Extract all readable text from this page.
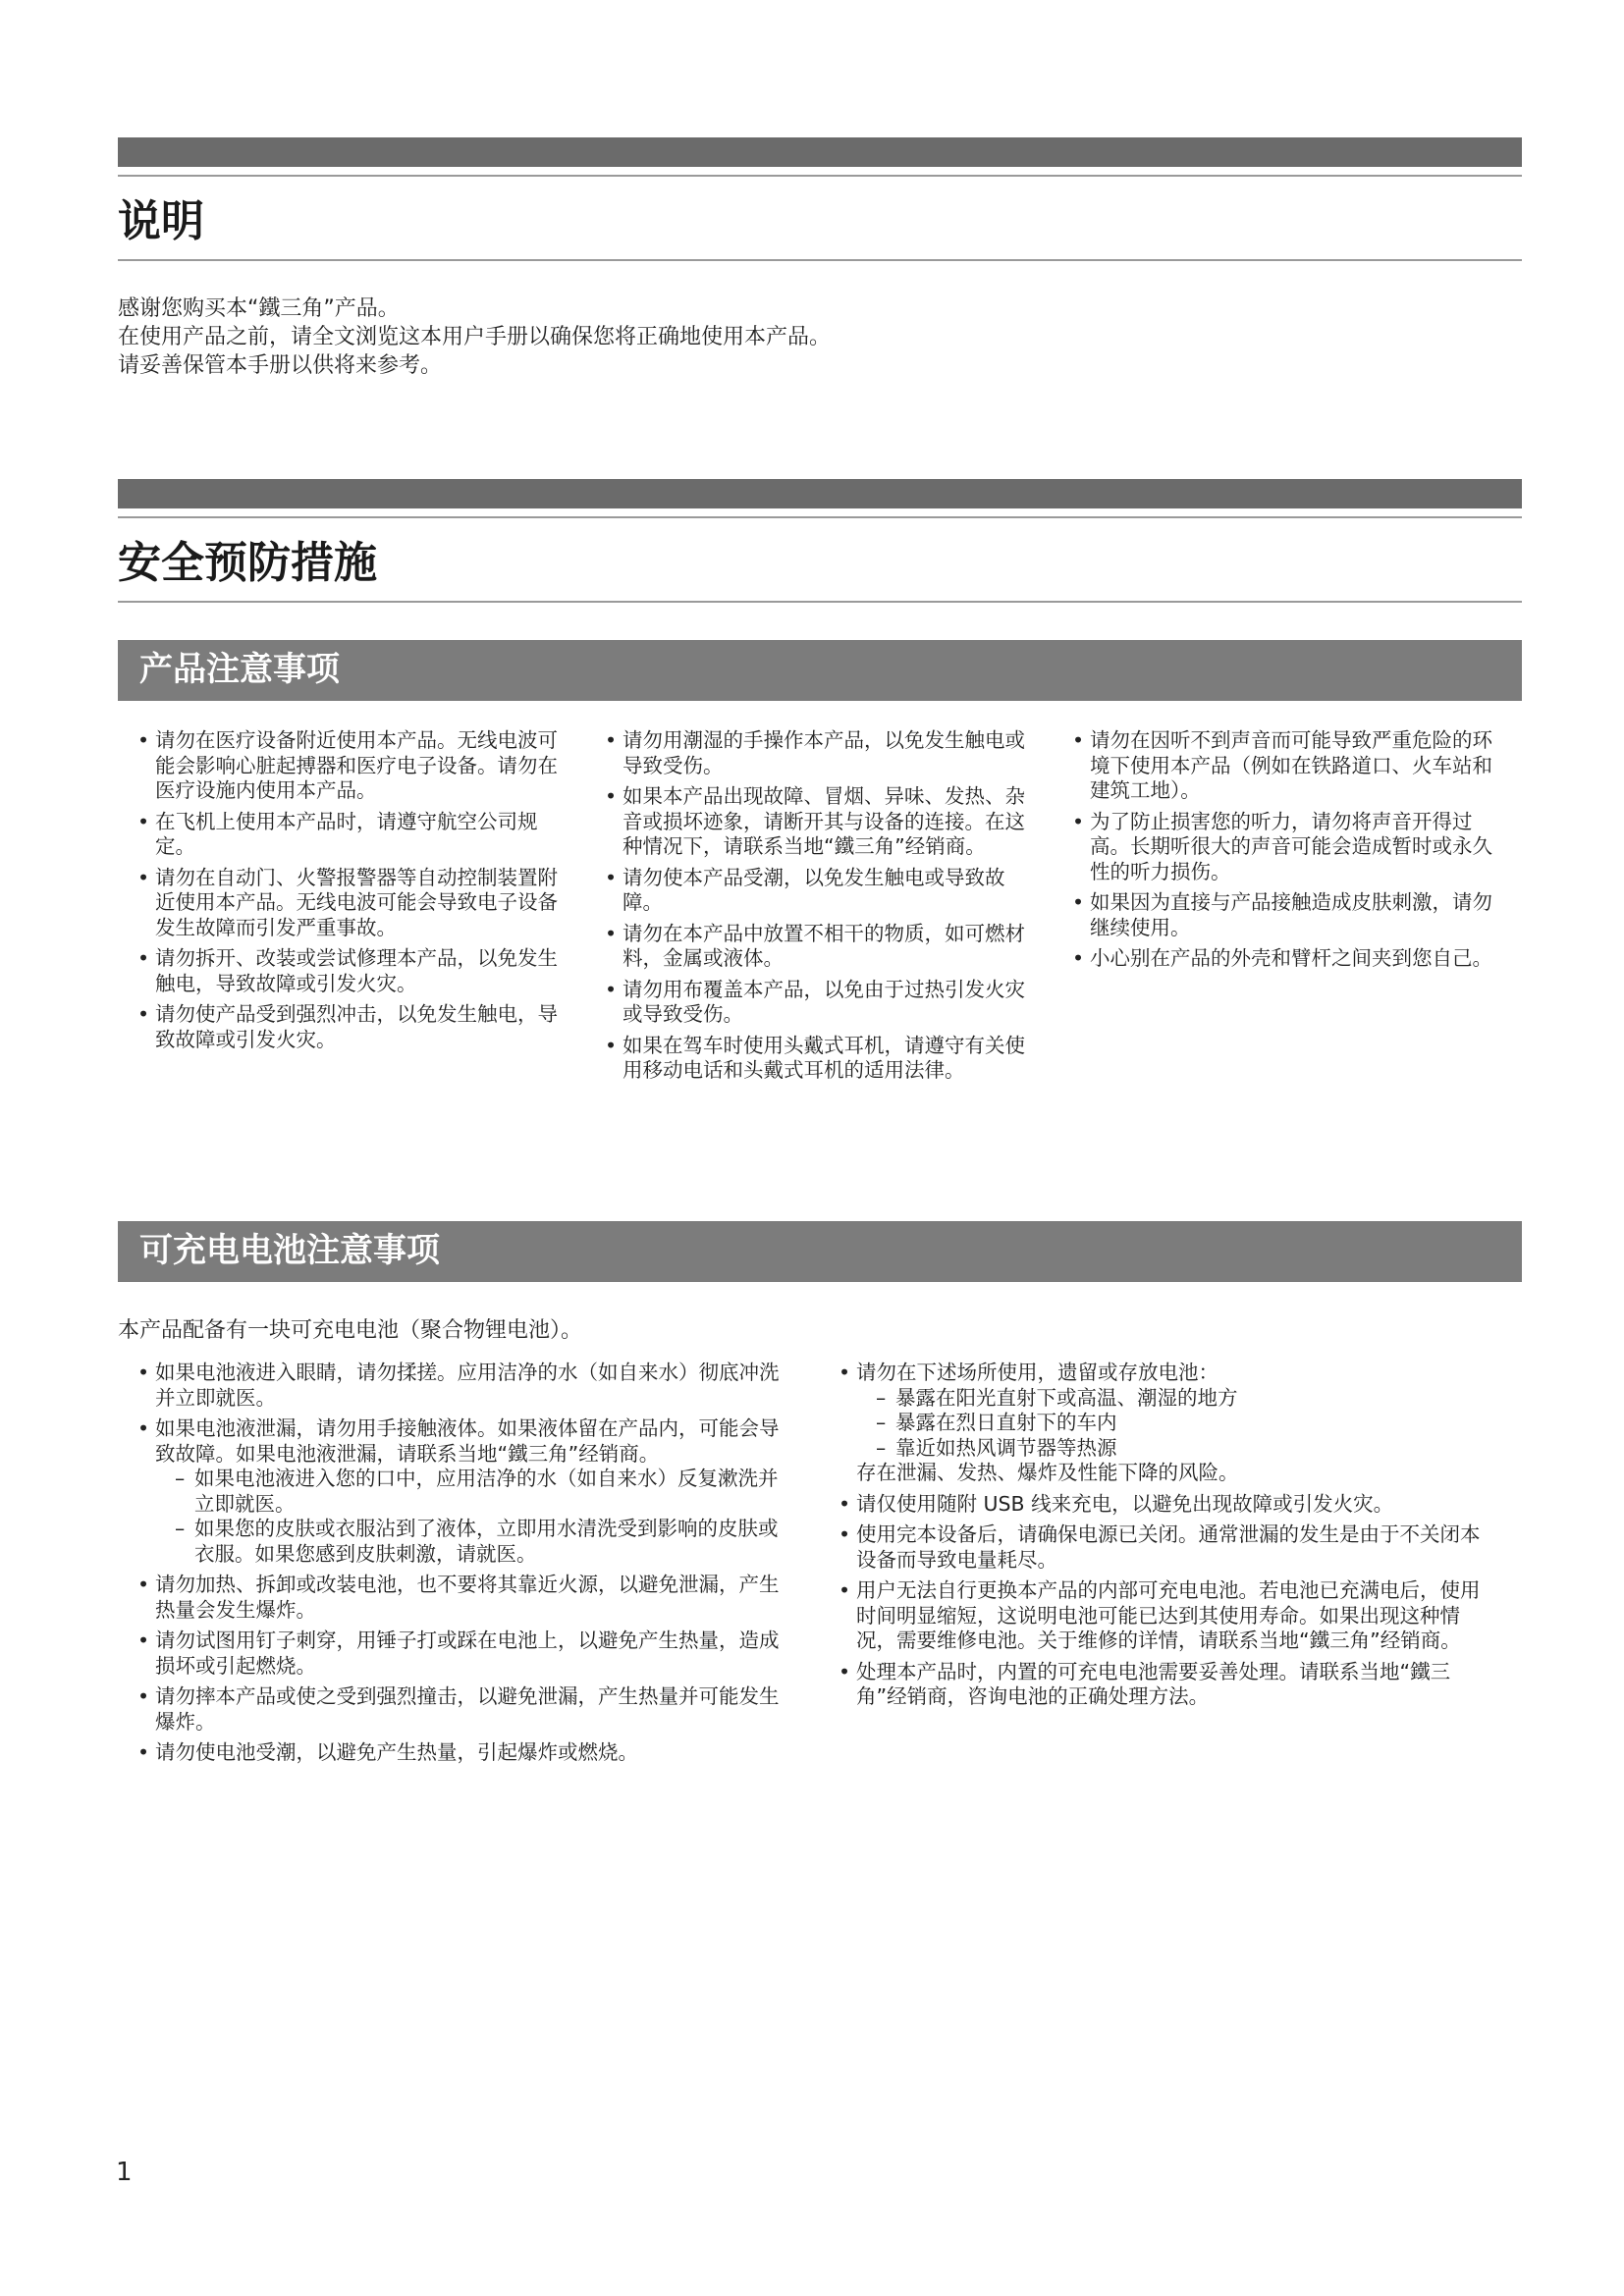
说明
感谢您购买本“鐵三角”产品。
在使用产品之前，请全文浏览这本用户手册以确保您将正确地使用本产品。
请妥善保管本手册以供将来参考。
安全预防措施
产品注意事项
• 请勿在医疗设备附近使用本产品。无线电波可能会影响心脏起搏器和医疗电子设备。请勿在医疗设施内使用本产品。
• 在飞机上使用本产品时，请遵守航空公司规定。
• 请勿在自动门、火警报警器等自动控制装置附近使用本产品。无线电波可能会导致电子设备发生故障而引发严重事故。
• 请勿拆开、改装或尝试修理本产品，以免发生触电，导致故障或引发火灾。
• 请勿使产品受到强烈冲击，以免发生触电，导致故障或引发火灾。
• 请勿用潮湿的手操作本产品，以免发生触电或导致受伤。
• 如果本产品出现故障、冒烟、异味、发热、杂音或损坏迹象，请断开其与设备的连接。在这种情况下，请联系当地“鐵三角”经销商。
• 请勿使本产品受潮，以免发生触电或导致故障。
• 请勿在本产品中放置不相干的物质，如可燃材料，金属或液体。
• 请勿用布覆盖本产品，以免由于过热引发火灾或导致受伤。
• 如果在驾车时使用头戴式耳机，请遵守有关使用移动电话和头戴式耳机的适用法律。
• 请勿在因听不到声音而可能导致严重危险的环境下使用本产品（例如在铁路道口、火车站和建筑工地）。
• 为了防止损害您的听力，请勿将声音开得过高。长期听很大的声音可能会造成暂时或永久性的听力损伤。
• 如果因为直接与产品接触造成皮肤刺激，请勿继续使用。
• 小心别在产品的外壳和臂杆之间夹到您自己。
可充电电池注意事项
本产品配备有一块可充电电池（聚合物锂电池）。
• 如果电池液进入眼睛，请勿揉搓。应用洁净的水（如自来水）彻底冲洗并立即就医。
• 如果电池液泄漏，请勿用手接触液体。如果液体留在产品内，可能会导致故障。如果电池液泄漏，请联系当地“鐵三角”经销商。
– 如果电池液进入您的口中，应用洁净的水（如自来水）反复漱洗并立即就医。
– 如果您的皮肤或衣服沾到了液体，立即用水清洗受到影响的皮肤或衣服。如果您感到皮肤刺激，请就医。
• 请勿加热、拆卸或改装电池，也不要将其靠近火源，以避免泄漏，产生热量会发生爆炸。
• 请勿试图用钉子刺穿，用锤子打或踩在电池上，以避免产生热量，造成损坏或引起燃烧。
• 请勿摔本产品或使之受到强烈撞击，以避免泄漏，产生热量并可能发生爆炸。
• 请勿使电池受潮，以避免产生热量，引起爆炸或燃烧。
• 请勿在下述场所使用，遗留或存放电池：
– 暴露在阳光直射下或高温、潮湿的地方
– 暴露在烈日直射下的车内
– 靠近如热风调节器等热源
存在泄漏、发热、爆炸及性能下降的风险。
• 请仅使用随附 USB 线来充电，以避免出现故障或引发火灾。
• 使用完本设备后，请确保电源已关闭。通常泄漏的发生是由于不关闭本设备而导致电量耗尽。
• 用户无法自行更换本产品的内部可充电电池。若电池已充满电后，使用时间明显缩短，这说明电池可能已达到其使用寿命。如果出现这种情况，需要维修电池。关于维修的详情，请联系当地“鐵三角”经销商。
• 处理本产品时，内置的可充电电池需要妥善处理。请联系当地“鐵三角”经销商，咨询电池的正确处理方法。
1
